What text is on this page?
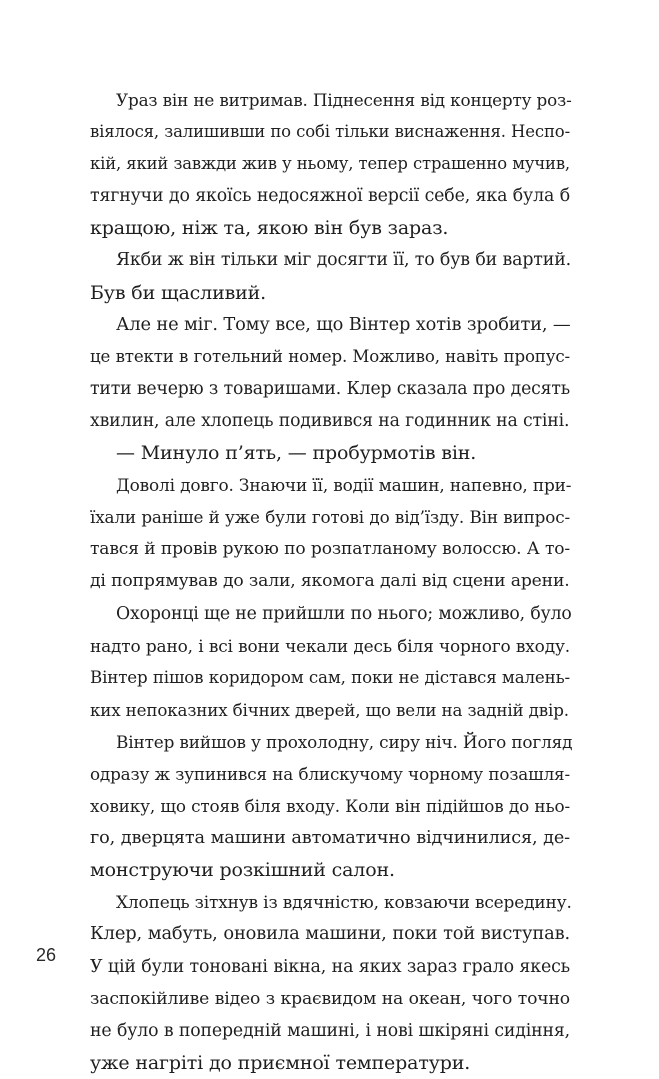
Ураз він не витримав. Піднесення від концерту роз-
віялося, залишивши по собі тільки виснаження. Неспо-
кій, який завжди жив у ньому, тепер страшенно мучив,
тягнучи до якоїсь недосяжної версії себе, яка була б
кращою, ніж та, якою він був зараз.
Якби ж він тільки міг досягти її, то був би вартий.
Був би щасливий.
Але не міг. Тому все, що Вінтер хотів зробити, —
це втекти в готельний номер. Можливо, навіть пропус-
тити вечерю з товаришами. Клер сказала про десять
хвилин, але хлопець подивився на годинник на стіні.
— Минуло п’ять, — пробурмотів він.
Доволі довго. Знаючи її, водії машин, напевно, при-
їхали раніше й уже були готові до від’їзду. Він випрос-
тався й провів рукою по розпатланому волоссю. А то-
ді попрямував до зали, якомога далі від сцени арени.
Охоронці ще не прийшли по нього; можливо, було
надто рано, і всі вони чекали десь біля чорного входу.
Вінтер пішов коридором сам, поки не дістався малень-
ких непоказних бічних дверей, що вели на задній двір.
Вінтер вийшов у прохолодну, сиру ніч. Його погляд
одразу ж зупинився на блискучому чорному позашля-
ховику, що стояв біля входу. Коли він підійшов до ньо-
го, дверцята машини автоматично відчинилися, де-
монструючи розкішний салон.
Хлопець зітхнув із вдячністю, ковзаючи всередину.
Клер, мабуть, оновила машини, поки той виступав.
У цій були тоновані вікна, на яких зараз грало якесь
заспокійливе відео з краєвидом на океан, чого точно
не було в попередній машині, і нові шкіряні сидіння,
уже нагріті до приємної температури.
26
